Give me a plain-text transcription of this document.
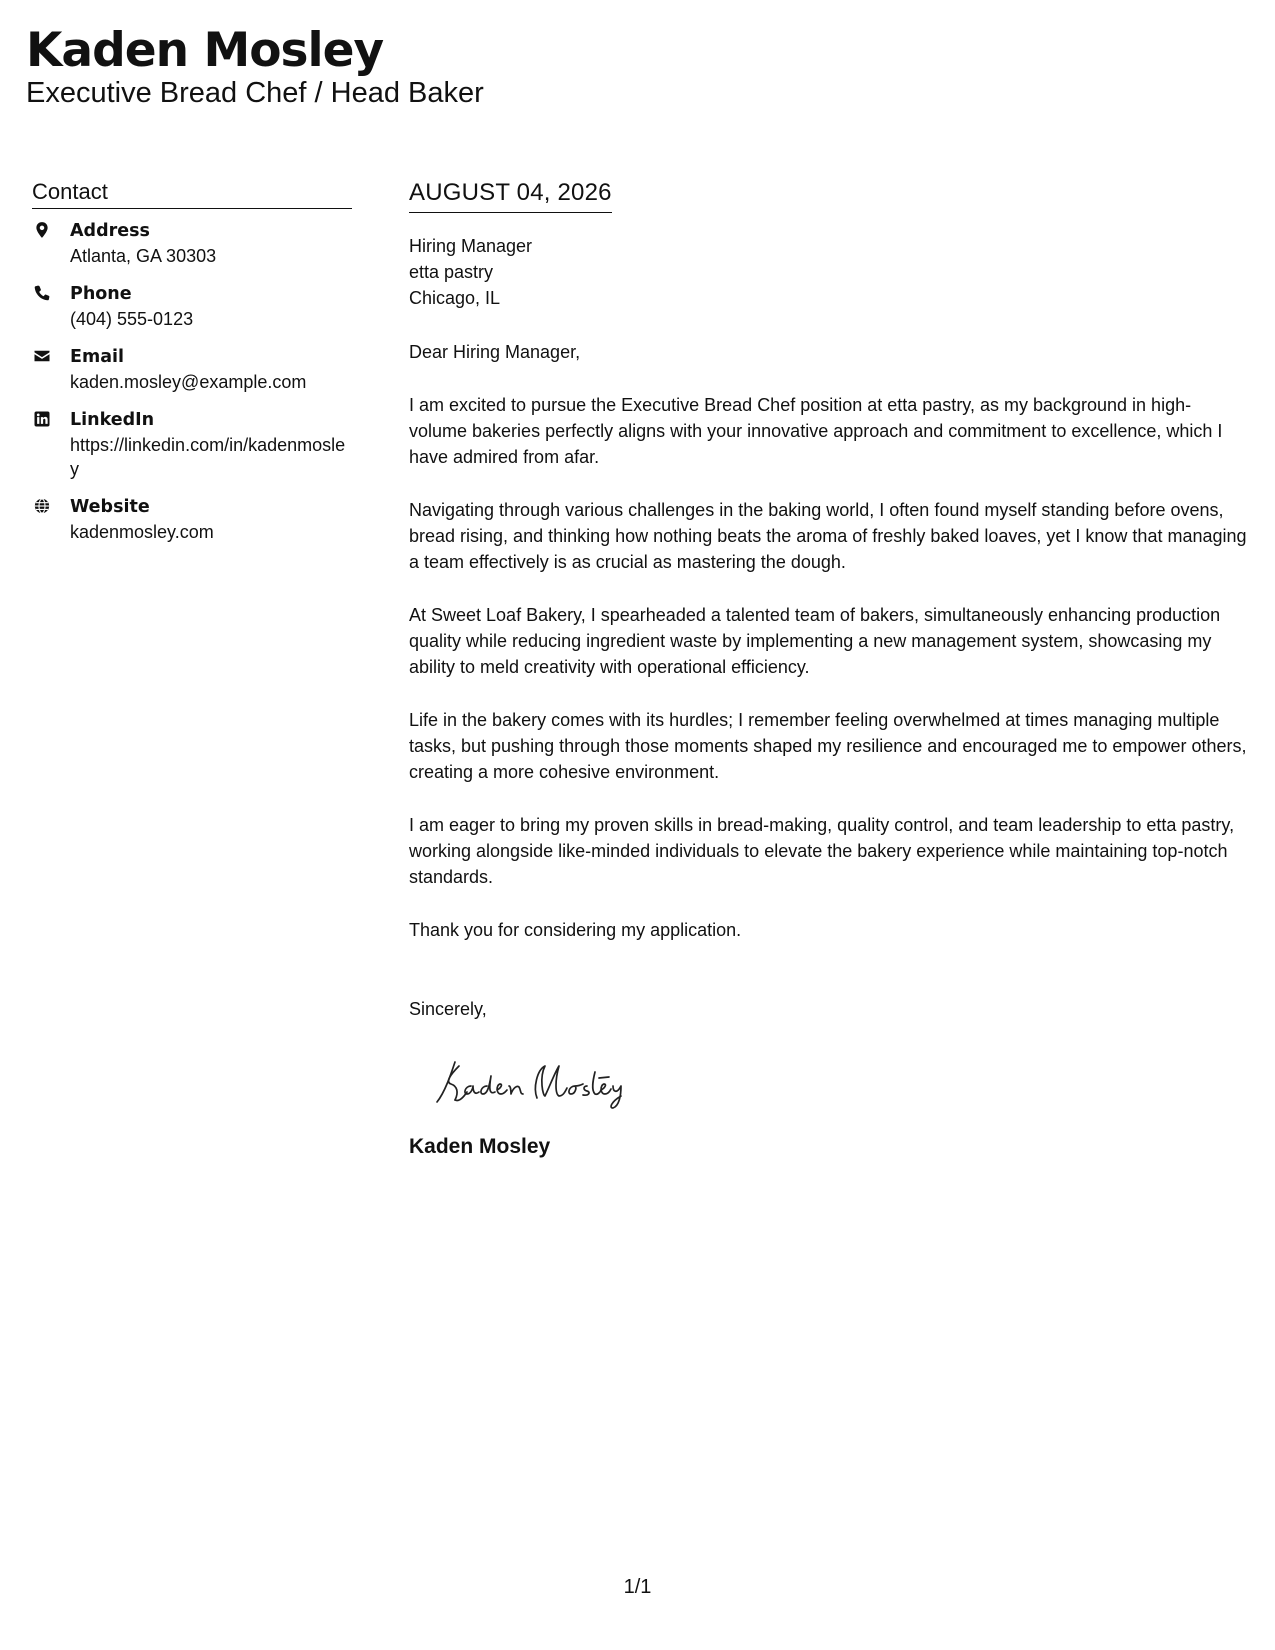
Kaden Mosley
Executive Bread Chef / Head Baker
Contact
Address
Atlanta, GA 30303
Phone
(404) 555-0123
Email
kaden.mosley@example.com
LinkedIn
https://linkedin.com/in/kadenmosley
Website
kadenmosley.com
AUGUST 04, 2026
Hiring Manager
etta pastry
Chicago, IL
Dear Hiring Manager,
I am excited to pursue the Executive Bread Chef position at etta pastry, as my background in high-volume bakeries perfectly aligns with your innovative approach and commitment to excellence, which I have admired from afar.
Navigating through various challenges in the baking world, I often found myself standing before ovens, bread rising, and thinking how nothing beats the aroma of freshly baked loaves, yet I know that managing a team effectively is as crucial as mastering the dough.
At Sweet Loaf Bakery, I spearheaded a talented team of bakers, simultaneously enhancing production quality while reducing ingredient waste by implementing a new management system, showcasing my ability to meld creativity with operational efficiency.
Life in the bakery comes with its hurdles; I remember feeling overwhelmed at times managing multiple tasks, but pushing through those moments shaped my resilience and encouraged me to empower others, creating a more cohesive environment.
I am eager to bring my proven skills in bread-making, quality control, and team leadership to etta pastry, working alongside like-minded individuals to elevate the bakery experience while maintaining top-notch standards.
Thank you for considering my application.
Sincerely,
Kaden Mosley
1/1
